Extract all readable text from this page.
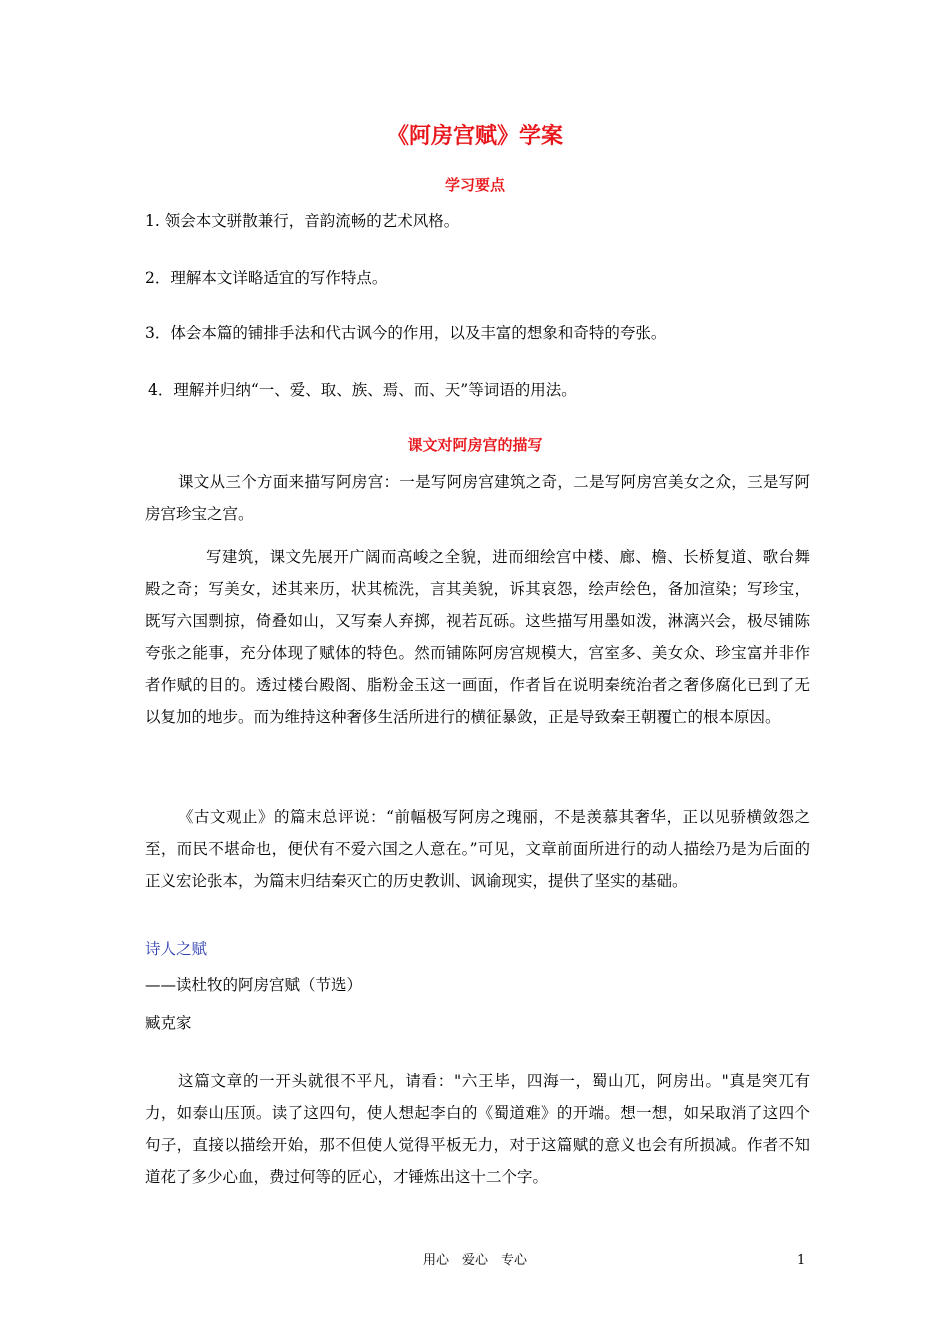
《阿房宫赋》学案
学习要点
1. 领会本文骈散兼行，音韵流畅的艺术风格。
2．理解本文详略适宜的写作特点。
3．体会本篇的铺排手法和代古讽今的作用，以及丰富的想象和奇特的夸张。
4．理解并归纳“一、爱、取、族、焉、而、天”等词语的用法。
课文对阿房宫的描写

课文从三个方面来描写阿房宫：一是写阿房宫建筑之奇，二是写阿房宫美女之众，三是写阿房宫珍宝之宫。

写建筑，课文先展开广阔而高峻之全貌，进而细绘宫中楼、廊、檐、长桥复道、歌台舞殿之奇；写美女，述其来历，状其梳洗，言其美貌，诉其哀怨，绘声绘色，备加渲染；写珍宝，既写六国剽掠，倚叠如山，又写秦人弃掷，视若瓦砾。这些描写用墨如泼，淋漓兴会，极尽铺陈夸张之能事，充分体现了赋体的特色。然而铺陈阿房宫规模大，宫室多、美女众、珍宝富并非作者作赋的目的。透过楼台殿阁、脂粉金玉这一画面，作者旨在说明秦统治者之奢侈腐化已到了无以复加的地步。而为维持这种奢侈生活所进行的横征暴敛，正是导致秦王朝覆亡的根本原因。

《古文观止》的篇末总评说：“前幅极写阿房之瑰丽，不是羡慕其奢华，正以见骄横敛怨之至，而民不堪命也，便伏有不爱六国之人意在。”可见，文章前面所进行的动人描绘乃是为后面的正义宏论张本，为篇末归结秦灭亡的历史教训、讽谕现实，提供了坚实的基础。

诗人之赋
——读杜牧的阿房宫赋（节选）
臧克家

这篇文章的一开头就很不平凡，请看："六王毕，四海一，蜀山兀，阿房出。"真是突兀有力，如泰山压顶。读了这四句，使人想起李白的《蜀道难》的开端。想一想，如呆取消了这四个句子，直接以描绘开始，那不但使人觉得平板无力，对于这篇赋的意义也会有所损减。作者不知道花了多少心血，费过何等的匠心，才锤炼出这十二个字。

用心　爱心　专心	1
